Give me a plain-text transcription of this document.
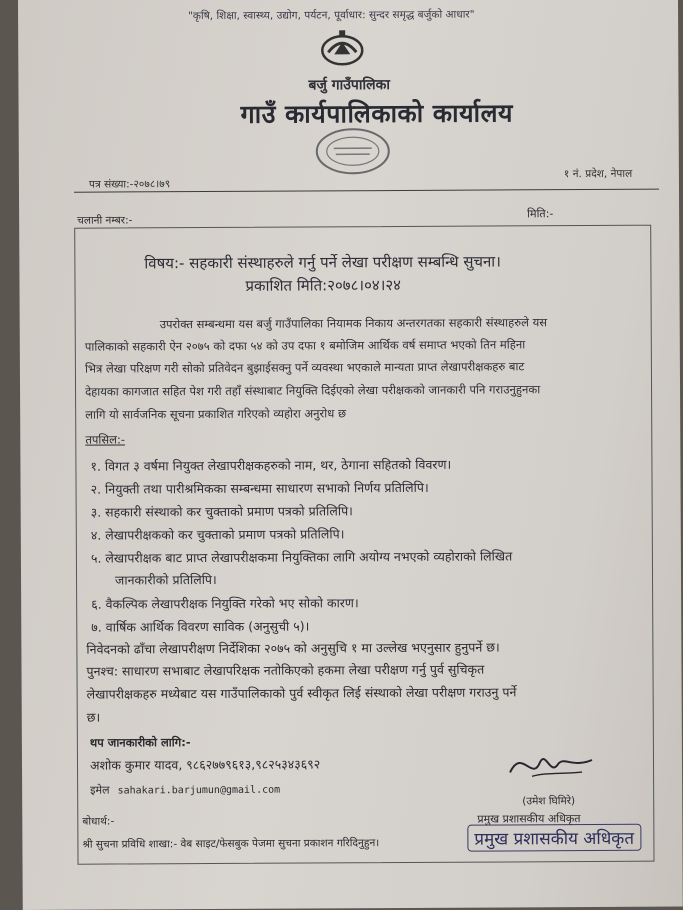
"कृषि, शिक्षा, स्वास्थ्य, उद्योग, पर्यटन, पूर्वाधार: सुन्दर समृद्ध बर्जुको आधार"
बर्जु गाउँपालिका
गाउँ कार्यपालिकाको कार्यालय
पत्र संख्या:-२०७८।७९
१ नं. प्रदेश, नेपाल
चलानी नम्बर:-
मिति:-
विषय:- सहकारी संस्थाहरुले गर्नु पर्ने लेखा परीक्षण सम्बन्धि सुचना।
प्रकाशित मिति:२०७८।०४।२४
उपरोक्त सम्बन्धमा यस बर्जु गाउँपालिका नियामक निकाय अन्तरगतका सहकारी संस्थाहरुले यस
पालिकाको सहकारी ऐन २०७५ को दफा ५४ को उप दफा १ बमोजिम आर्थिक वर्ष समाप्त भएको तिन महिना
भित्र लेखा परिक्षण गरी सोको प्रतिवेदन बुझाईसक्नु पर्ने व्यवस्था भएकाले मान्यता प्राप्त लेखापरीक्षकहरु बाट
देहायका कागजात सहित पेश गरी तहाँ संस्थाबाट नियुक्ति दिईएको लेखा परीक्षकको जानकारी पनि गराउनुहुनका
लागि यो सार्वजनिक सूचना प्रकाशित गरिएको व्यहोरा अनुरोध छ
तपसिल:-
१. विगत ३ वर्षमा नियुक्त लेखापरीक्षकहरुको नाम, थर, ठेगाना सहितको विवरण।
२. नियुक्ती तथा पारीश्रमिकका सम्बन्धमा साधारण सभाको निर्णय प्रतिलिपि।
३. सहकारी संस्थाको कर चुक्ताको प्रमाण पत्रको प्रतिलिपि।
४. लेखापरीक्षकको कर चुक्ताको प्रमाण पत्रको प्रतिलिपि।
५. लेखापरीक्षक बाट प्राप्त लेखापरीक्षकमा नियुक्तिका लागि अयोग्य नभएको व्यहोराको लिखित
जानकारीको प्रतिलिपि।
६. वैकल्पिक लेखापरीक्षक नियुक्ति गरेको भए सोको कारण।
७. वार्षिक आर्थिक विवरण साविक (अनुसुची ५)।
निवेदनको ढाँचा लेखापरीक्षण निर्देशिका २०७५ को अनुसुचि १ मा उल्लेख भएनुसार हुनुपर्ने छ।
पुनश्च: साधारण सभाबाट लेखापरिक्षक नतोकिएको हकमा लेखा परीक्षण गर्नु पुर्व सुचिकृत
लेखापरीक्षकहरु मध्येबाट यस गाउँपालिकाको पुर्व स्वीकृत लिई संस्थाको लेखा परीक्षण गराउनु पर्ने
छ।
थप जानकारीको लागि:-
अशोक कुमार यादव, ९८६२७७९६१३,९८२५३४३६९२
इमेल sahakari.barjumun@gmail.com
(उमेश घिमिरे)
प्रमुख प्रशासकीय अधिकृत
प्रमुख प्रशासकीय अधिकृत
बोधार्थ:-
श्री सुचना प्रविधि शाखा:- वेब साइट/फेसबुक पेजमा सुचना प्रकाशन गरिदिनुहुन।
